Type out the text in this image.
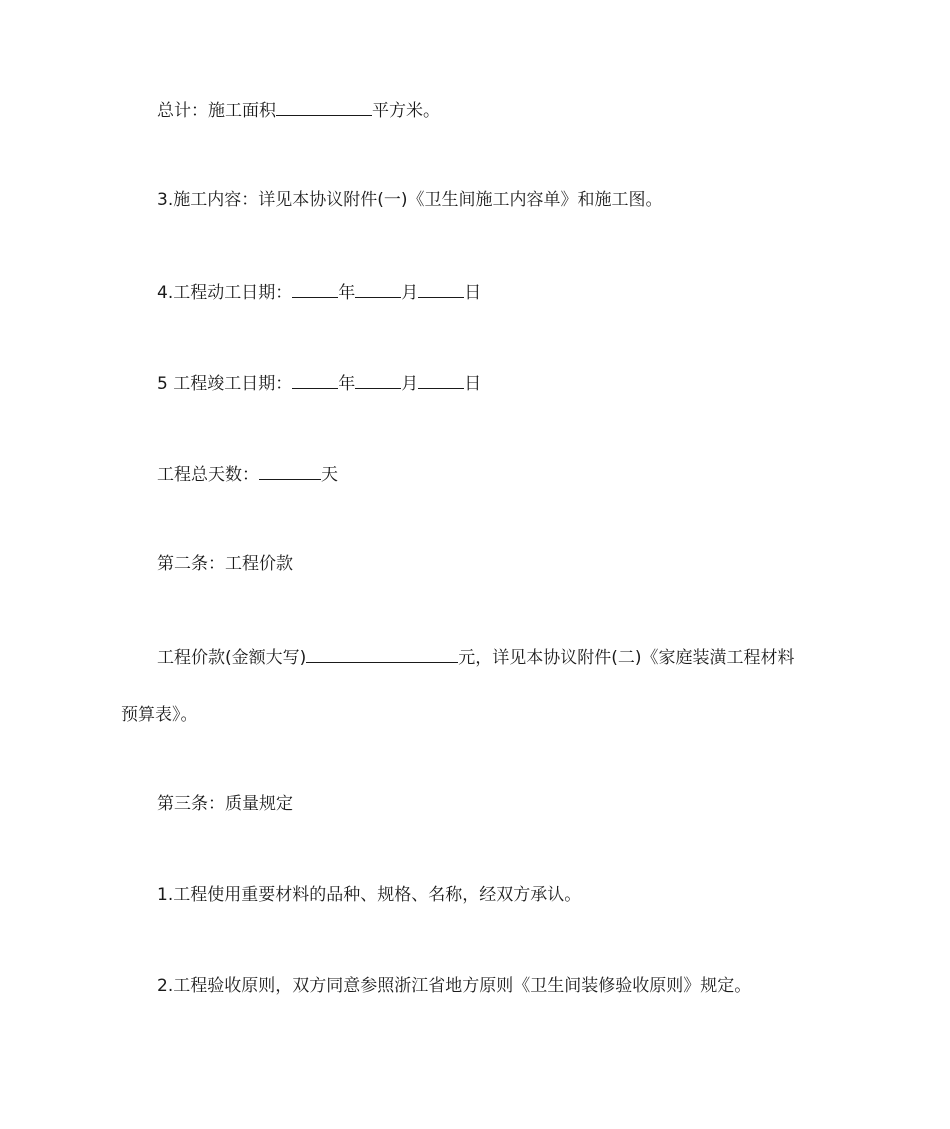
总计：施工面积	平方米。
3.施工内容：详见本协议附件(一)《卫生间施工内容单》和施工图。
4.工程动工日期：	年	月	日
5 工程竣工日期：	年	月	日
工程总天数：	天
第二条：工程价款
工程价款(金额大写)	元，详见本协议附件(二)《家庭装潢工程材料
预算表》。
第三条：质量规定
1.工程使用重要材料的品种、规格、名称，经双方承认。
2.工程验收原则，双方同意参照浙江省地方原则《卫生间装修验收原则》规定。
